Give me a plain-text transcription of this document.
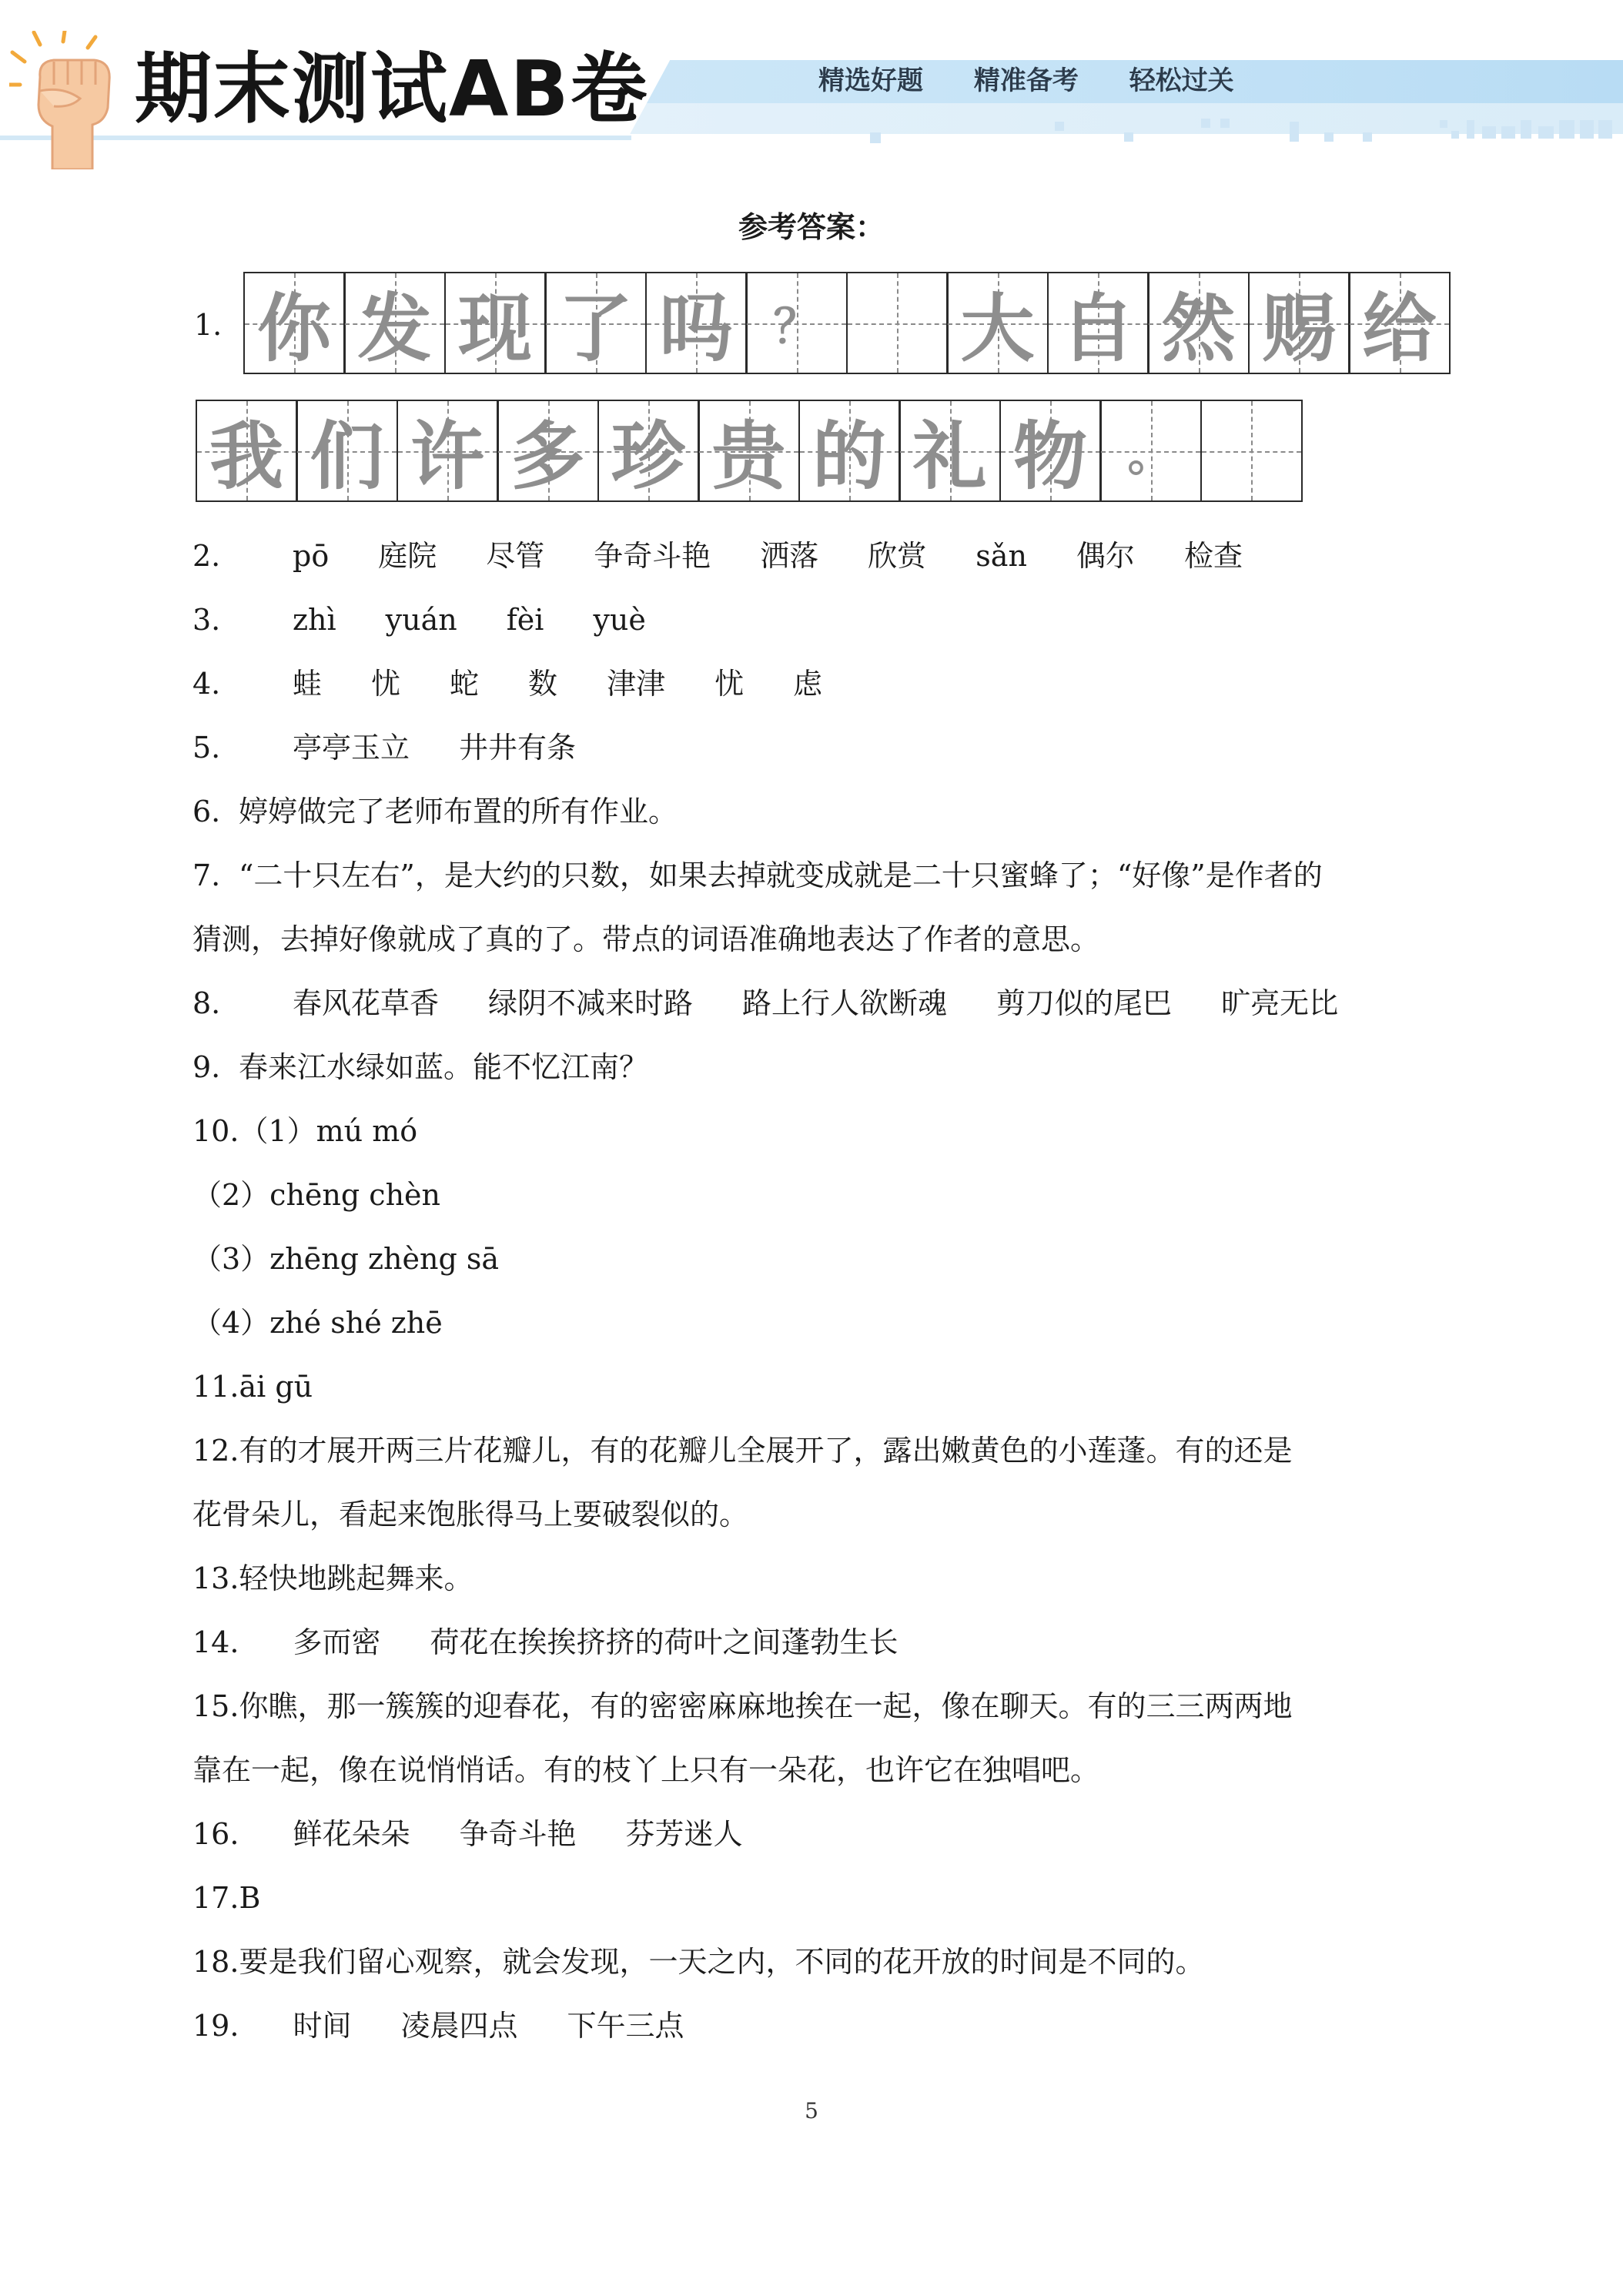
期末测试AB卷	精选好题 精准备考 轻松过关
参考答案：
1. 你 发 现 了 吗 ？ 大 自 然 赐 给
我 们 许 多 珍 贵 的 礼 物 。
2. pō 庭院 尽管 争奇斗艳 洒落 欣赏 sǎn 偶尔 检查
3. zhì yuán fèi yuè
4. 蛙 忧 蛇 数 津津 忧 虑
5. 亭亭玉立 井井有条
6. 婷婷做完了老师布置的所有作业。
7. “二十只左右”，是大约的只数，如果去掉就变成就是二十只蜜蜂了；“好像”是作者的
猜测，去掉好像就成了真的了。带点的词语准确地表达了作者的意思。
8. 春风花草香 绿阴不减来时路 路上行人欲断魂 剪刀似的尾巴 旷亮无比
9. 春来江水绿如蓝。能不忆江南？
10.（1）mú mó
（2）chēng chèn
（3）zhēng zhèng sā
（4）zhé shé zhē
11.āi gū
12.有的才展开两三片花瓣儿，有的花瓣儿全展开了，露出嫩黄色的小莲蓬。有的还是
花骨朵儿，看起来饱胀得马上要破裂似的。
13.轻快地跳起舞来。
14. 多而密 荷花在挨挨挤挤的荷叶之间蓬勃生长
15.你瞧，那一簇簇的迎春花，有的密密麻麻地挨在一起，像在聊天。有的三三两两地
靠在一起，像在说悄悄话。有的枝丫上只有一朵花，也许它在独唱吧。
16. 鲜花朵朵 争奇斗艳 芬芳迷人
17.B
18.要是我们留心观察，就会发现，一天之内，不同的花开放的时间是不同的。
19. 时间 凌晨四点 下午三点
5
